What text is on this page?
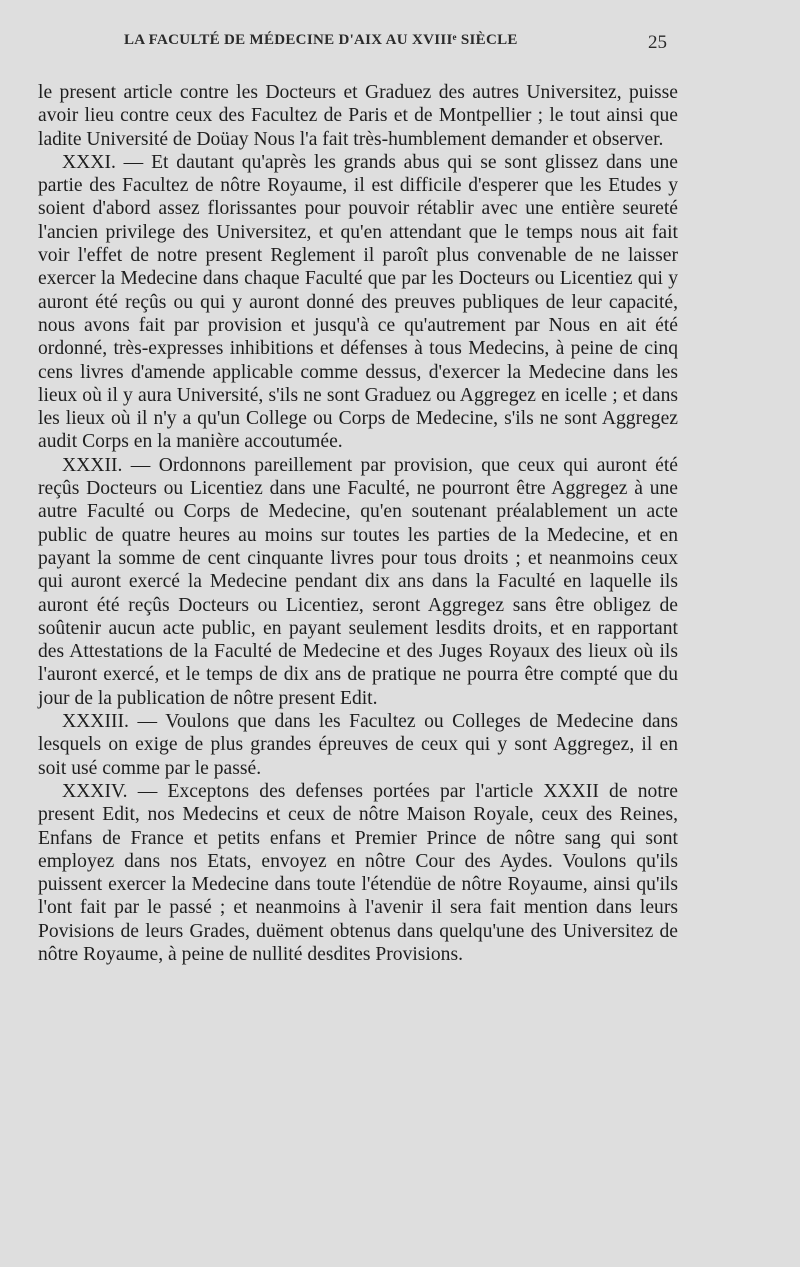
LA FACULTÉ DE MÉDECINE D'AIX AU XVIIIᵉ SIÈCLE	25

le present article contre les Docteurs et Graduez des autres Universitez, puisse avoir lieu contre ceux des Facultez de Paris et de Montpellier ; le tout ainsi que ladite Université de Doüay Nous l'a fait très-humblement demander et observer.

XXXI. — Et dautant qu'après les grands abus qui se sont glissez dans une partie des Facultez de nôtre Royaume, il est difficile d'esperer que les Etudes y soient d'abord assez florissantes pour pouvoir rétablir avec une entière seureté l'ancien privilege des Universitez, et qu'en attendant que le temps nous ait fait voir l'effet de notre present Reglement il paroît plus convenable de ne laisser exercer la Medecine dans chaque Faculté que par les Docteurs ou Licentiez qui y auront été reçûs ou qui y auront donné des preuves publiques de leur capacité, nous avons fait par provision et jusqu'à ce qu'autrement par Nous en ait été ordonné, très-expresses inhibitions et défenses à tous Medecins, à peine de cinq cens livres d'amende applicable comme dessus, d'exercer la Medecine dans les lieux où il y aura Université, s'ils ne sont Graduez ou Aggregez en icelle ; et dans les lieux où il n'y a qu'un College ou Corps de Medecine, s'ils ne sont Aggregez audit Corps en la manière accoutumée.

XXXII. — Ordonnons pareillement par provision, que ceux qui auront été reçûs Docteurs ou Licentiez dans une Faculté, ne pourront être Aggregez à une autre Faculté ou Corps de Medecine, qu'en soutenant préalablement un acte public de quatre heures au moins sur toutes les parties de la Medecine, et en payant la somme de cent cinquante livres pour tous droits ; et neanmoins ceux qui auront exercé la Medecine pendant dix ans dans la Faculté en laquelle ils auront été reçûs Docteurs ou Licentiez, seront Aggregez sans être obligez de soûtenir aucun acte public, en payant seulement lesdits droits, et en rapportant des Attestations de la Faculté de Medecine et des Juges Royaux des lieux où ils l'auront exercé, et le temps de dix ans de pratique ne pourra être compté que du jour de la publication de nôtre present Edit.

XXXIII. — Voulons que dans les Facultez ou Colleges de Medecine dans lesquels on exige de plus grandes épreuves de ceux qui y sont Aggregez, il en soit usé comme par le passé.

XXXIV. — Exceptons des defenses portées par l'article XXXII de notre present Edit, nos Medecins et ceux de nôtre Maison Royale, ceux des Reines, Enfans de France et petits enfans et Premier Prince de nôtre sang qui sont employez dans nos Etats, envoyez en nôtre Cour des Aydes. Voulons qu'ils puissent exercer la Medecine dans toute l'étendüe de nôtre Royaume, ainsi qu'ils l'ont fait par le passé ; et neanmoins à l'avenir il sera fait mention dans leurs Povisions de leurs Grades, duëment obtenus dans quelqu'une des Universitez de nôtre Royaume, à peine de nullité desdites Provisions.
